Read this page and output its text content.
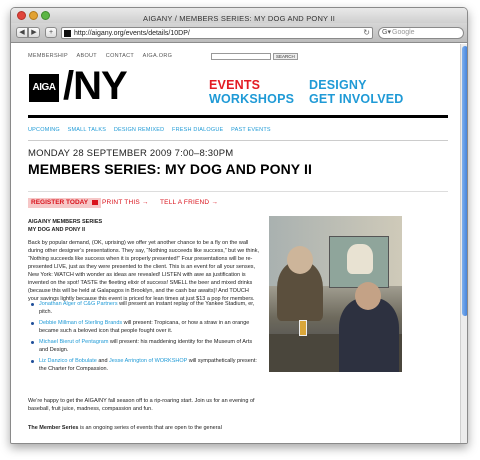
AIGANY / MEMBERS SERIES: MY DOG AND PONY II
◀ ▶	+	http://aigany.org/events/details/10DP/	↻ G▾ Google
MEMBERSHIP ABOUT CONTACT AIGA.ORG	SEARCH
AIGA /NY	EVENTS	DESIGNY
WORKSHOPS GET INVOLVED
UPCOMING SMALL TALKS DESIGN REMIXED FRESH DIALOGUE PAST EVENTS
MONDAY 28 SEPTEMBER 2009 7:00–8:30PM
MEMBERS SERIES: MY DOG AND PONY II
REGISTER TODAY	PRINT THIS → TELL A FRIEND →
AIGA/NY MEMBERS SERIES
MY DOG AND PONY II
Back by popular demand, (OK, uprising) we offer yet another chance to be a fly on the wall during other designer’s presentations. They say, “Nothing succeeds like success,” but we think, “Nothing succeeds like success when it is properly presented!” Four presentations will be re-presented LIVE, just as they were presented to the client. This is an event for all your senses, New York: WATCH with wonder as ideas are revealed! LISTEN with awe as justification is invented on the spot! TASTE the fleeting elixir of success! SMELL the beer and mixed drinks (because this will be held at Galapagos in Brooklyn, and the cash bar awaits)! And TOUCH your savings lightly because this event is priced for lean times at just $13 a pop for members.
Jonathan Alger of C&G Partners will present an instant replay of the Yankee Stadium, er, pitch.
Debbie Millman of Sterling Brands will present: Tropicana, or how a straw in an orange became such a beloved icon that people fought over it.
Michael Bierut of Pentagram will present: his maddening identity for the Museum of Arts and Design.
Liz Danzico of Bobulate and Jesse Arrington of WORKSHOP will sympathetically present: the Charter for Compassion.
We’re happy to get the AIGA/NY fall season off to a rip-roaring start. Join us for an evening of baseball, fruit juice, madness, compassion and fun.
The Member Series is an ongoing series of events that are open to the general
